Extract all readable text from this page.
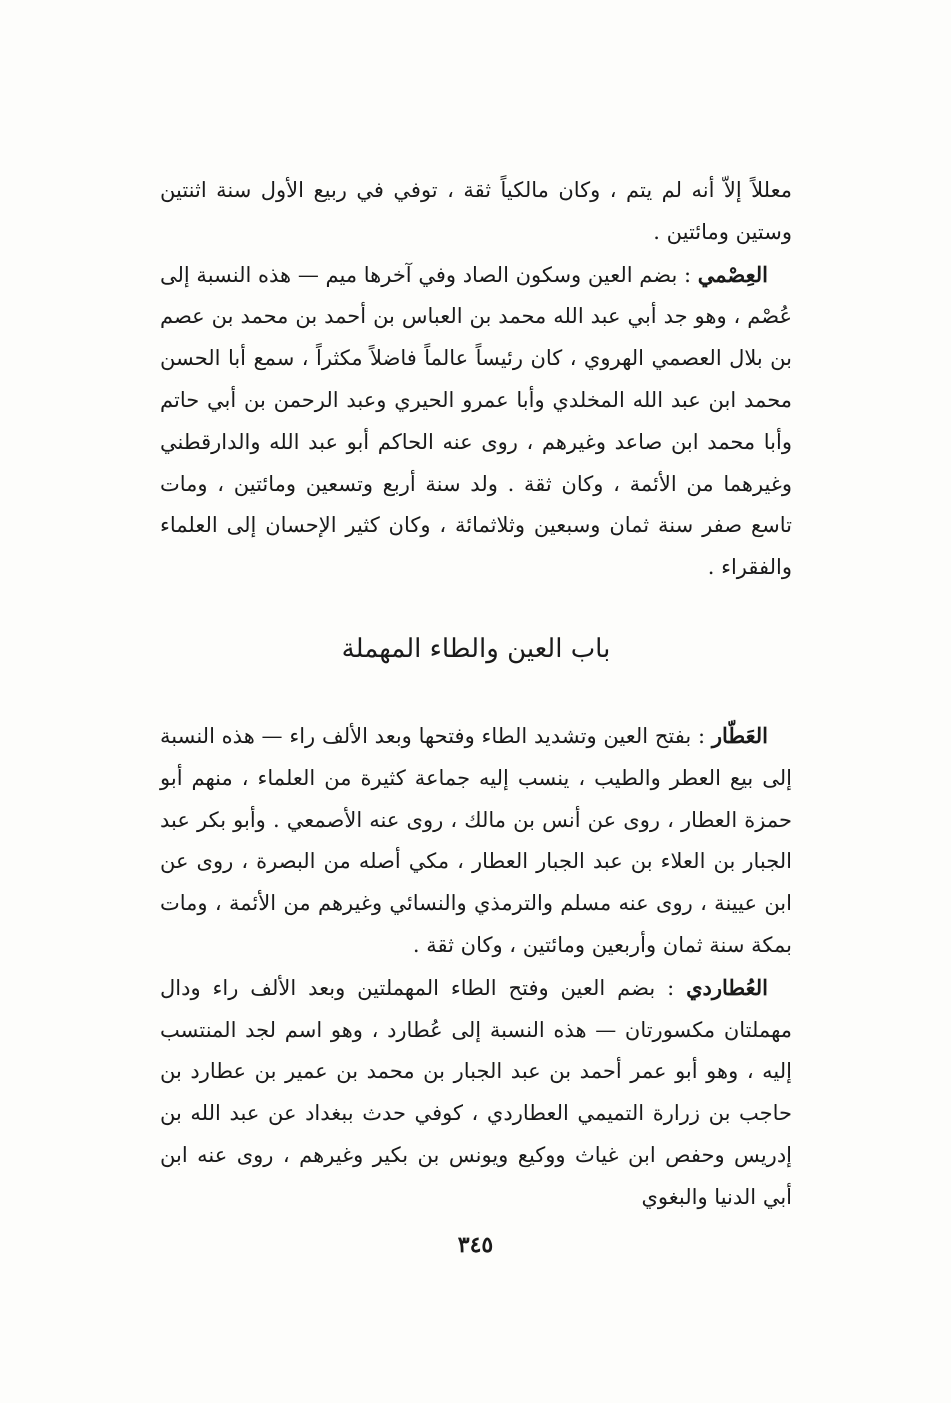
معللاً إلاّ أنه لم يتم ، وكان مالكياً ثقة ، توفي في ربيع الأول سنة اثنتين وستين ومائتين .

العِصْمي : بضم العين وسكون الصاد وفي آخرها ميم — هذه النسبة إلى عُصْم ، وهو جد أبي عبد الله محمد بن العباس بن أحمد بن محمد بن عصم بن بلال العصمي الهروي ، كان رئيساً عالماً فاضلاً مكثراً ، سمع أبا الحسن محمد ابن عبد الله المخلدي وأبا عمرو الحيري وعبد الرحمن بن أبي حاتم وأبا محمد ابن صاعد وغيرهم ، روى عنه الحاكم أبو عبد الله والدارقطني وغيرهما من الأئمة ، وكان ثقة . ولد سنة أربع وتسعين ومائتين ، ومات تاسع صفر سنة ثمان وسبعين وثلاثمائة ، وكان كثير الإحسان إلى العلماء والفقراء .

باب العين والطاء المهملة

العَطّار : بفتح العين وتشديد الطاء وفتحها وبعد الألف راء — هذه النسبة إلى بيع العطر والطيب ، ينسب إليه جماعة كثيرة من العلماء ، منهم أبو حمزة العطار ، روى عن أنس بن مالك ، روى عنه الأصمعي . وأبو بكر عبد الجبار بن العلاء بن عبد الجبار العطار ، مكي أصله من البصرة ، روى عن ابن عيينة ، روى عنه مسلم والترمذي والنسائي وغيرهم من الأئمة ، ومات بمكة سنة ثمان وأربعين ومائتين ، وكان ثقة .

العُطاردي : بضم العين وفتح الطاء المهملتين وبعد الألف راء ودال مهملتان مكسورتان — هذه النسبة إلى عُطارد ، وهو اسم لجد المنتسب إليه ، وهو أبو عمر أحمد بن عبد الجبار بن محمد بن عمير بن عطارد بن حاجب بن زرارة التميمي العطاردي ، كوفي حدث ببغداد عن عبد الله بن إدريس وحفص ابن غياث ووكيع ويونس بن بكير وغيرهم ، روى عنه ابن أبي الدنيا والبغوي

٣٤٥
